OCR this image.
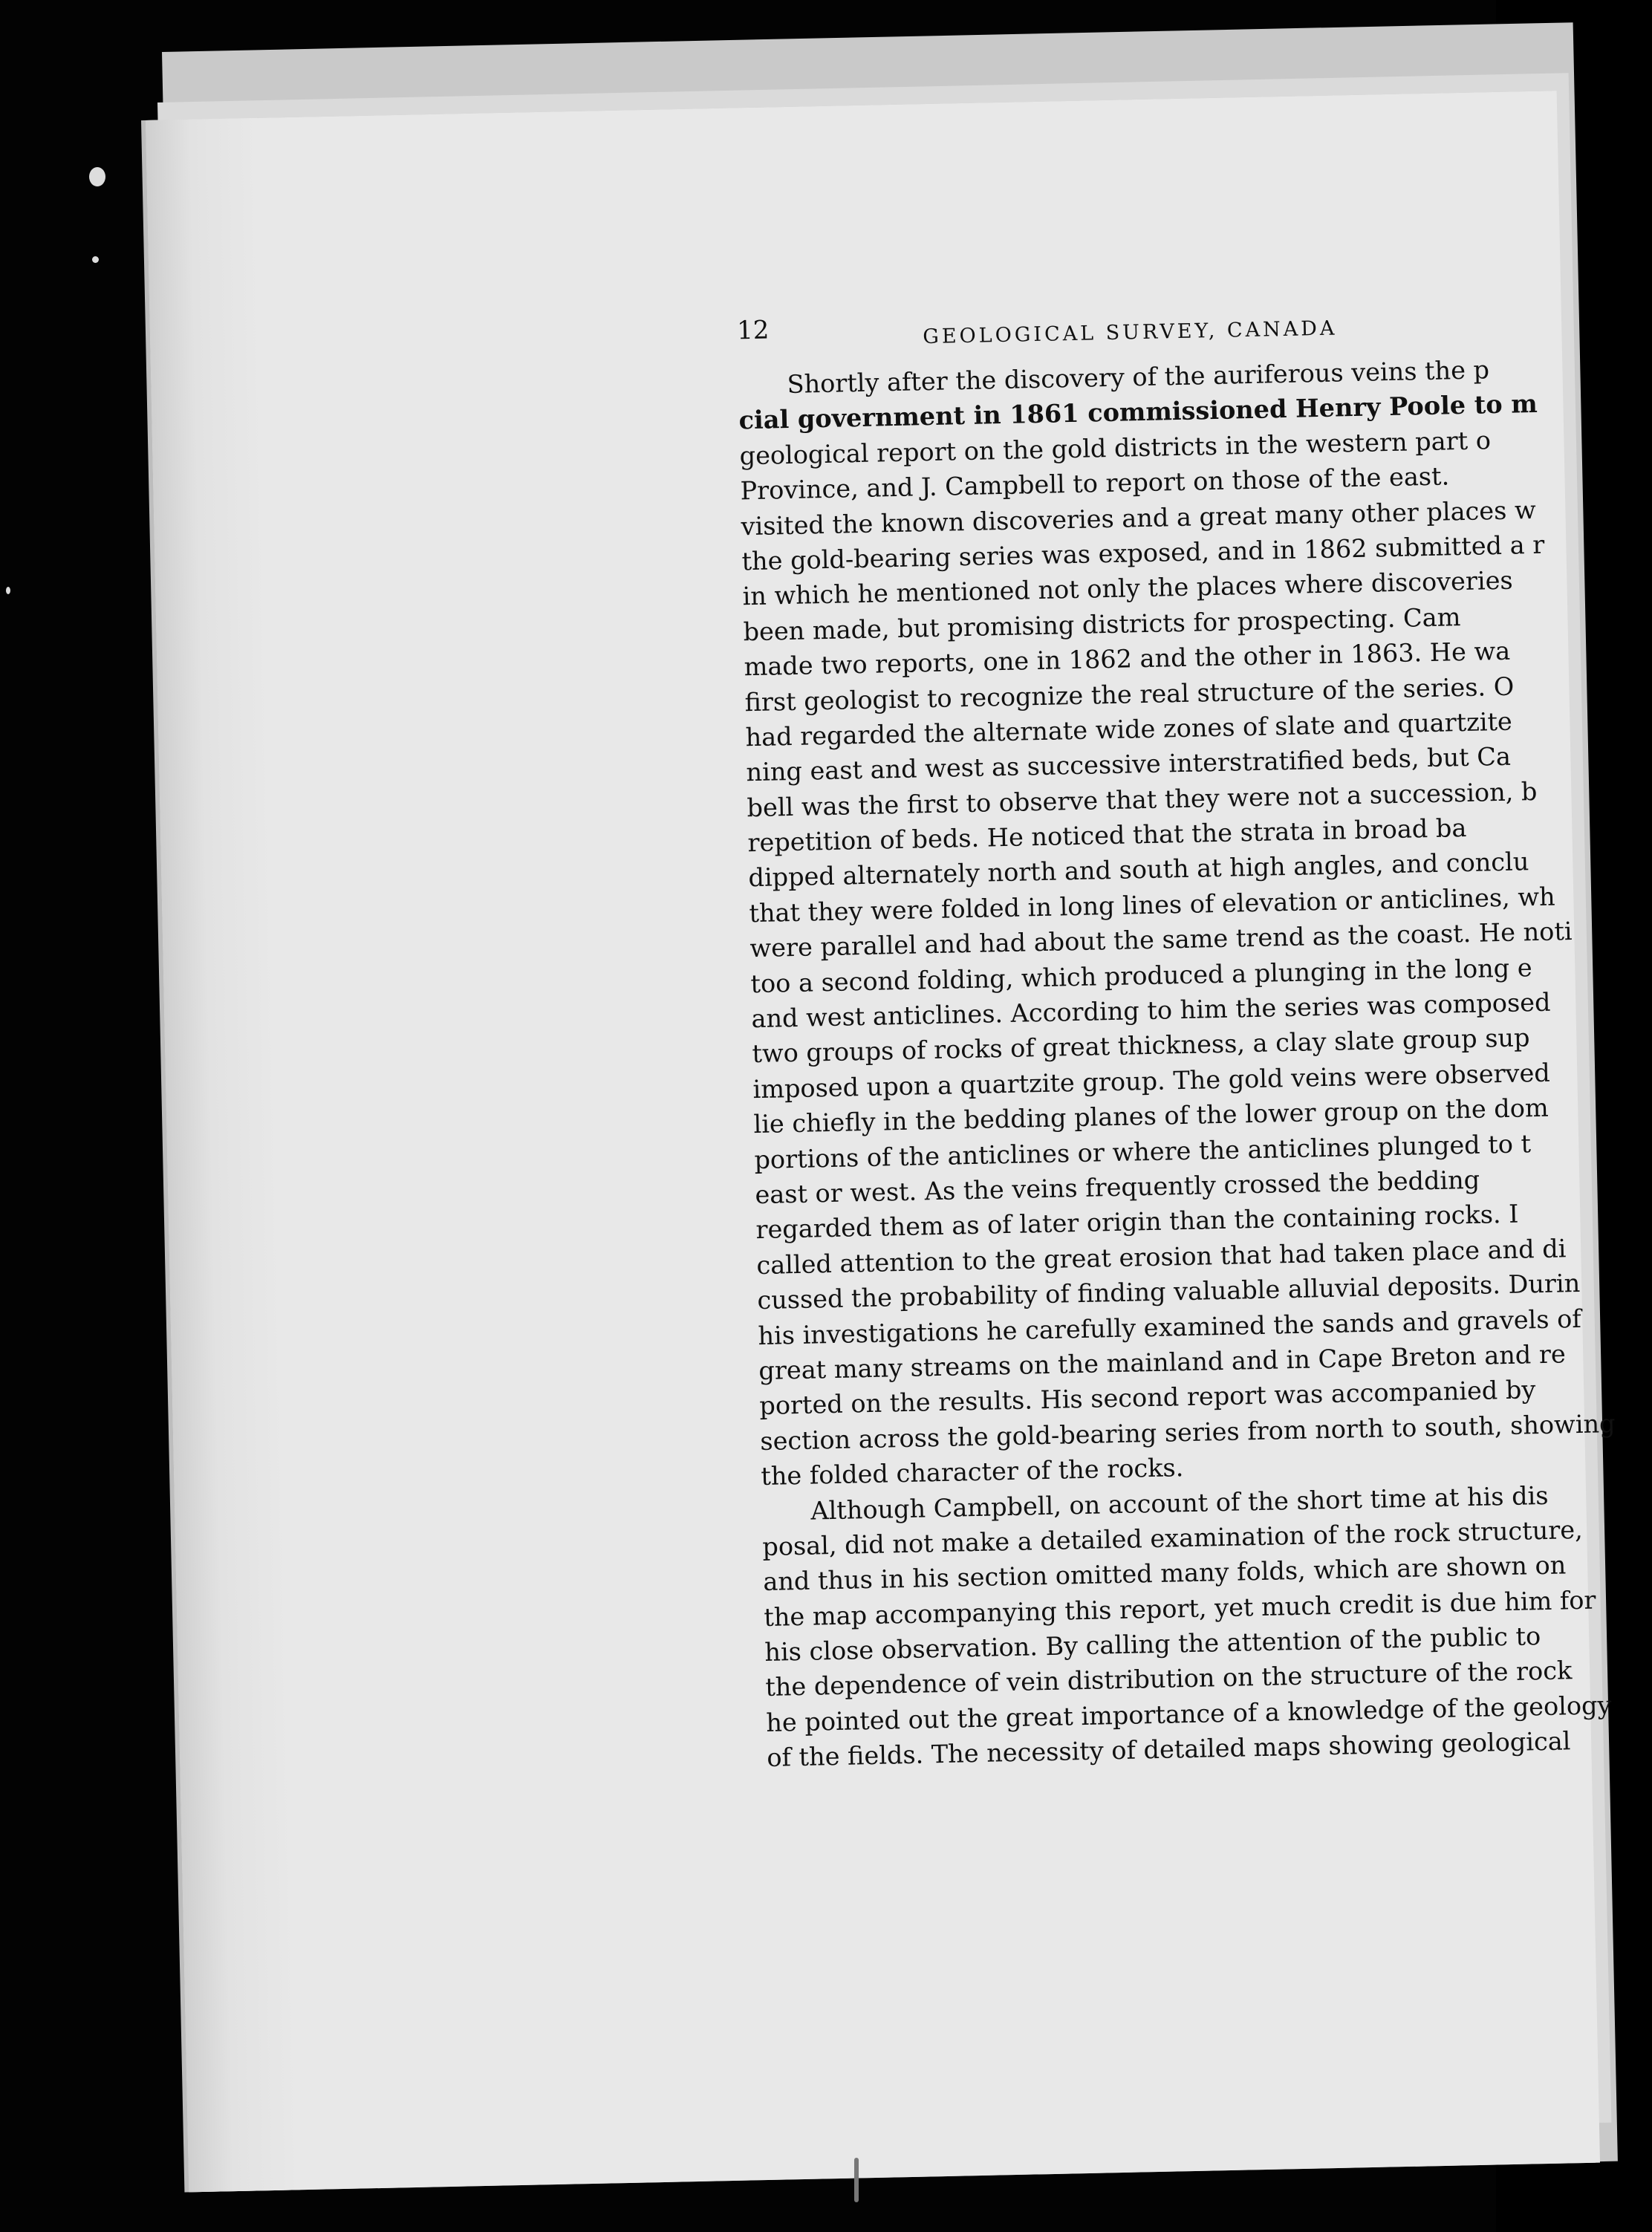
12	GEOLOGICAL SURVEY, CANADA
Shortly after the discovery of the auriferous veins the p
cial government in 1861 commissioned Henry Poole to m
geological report on the gold districts in the western part o
Province, and J. Campbell to report on those of the east.
visited the known discoveries and a great many other places w
the gold-bearing series was exposed, and in 1862 submitted a r
in which he mentioned not only the places where discoveries
been made, but promising districts for prospecting. Cam
made two reports, one in 1862 and the other in 1863. He wa
first geologist to recognize the real structure of the series. O
had regarded the alternate wide zones of slate and quartzite
ning east and west as successive interstratified beds, but Ca
bell was the first to observe that they were not a succession, b
repetition of beds. He noticed that the strata in broad ba
dipped alternately north and south at high angles, and conclu
that they were folded in long lines of elevation or anticlines, wh
were parallel and had about the same trend as the coast. He noti
too a second folding, which produced a plunging in the long e
and west anticlines. According to him the series was composed
two groups of rocks of great thickness, a clay slate group sup
imposed upon a quartzite group. The gold veins were observed
lie chiefly in the bedding planes of the lower group on the dom
portions of the anticlines or where the anticlines plunged to t
east or west. As the veins frequently crossed the bedding
regarded them as of later origin than the containing rocks. I
called attention to the great erosion that had taken place and di
cussed the probability of finding valuable alluvial deposits. Durin
his investigations he carefully examined the sands and gravels of
great many streams on the mainland and in Cape Breton and re
ported on the results. His second report was accompanied by
section across the gold-bearing series from north to south, showing
the folded character of the rocks.
Although Campbell, on account of the short time at his dis
posal, did not make a detailed examination of the rock structure,
and thus in his section omitted many folds, which are shown on
the map accompanying this report, yet much credit is due him for
his close observation. By calling the attention of the public to
the dependence of vein distribution on the structure of the rock
he pointed out the great importance of a knowledge of the geology
of the fields. The necessity of detailed maps showing geological
